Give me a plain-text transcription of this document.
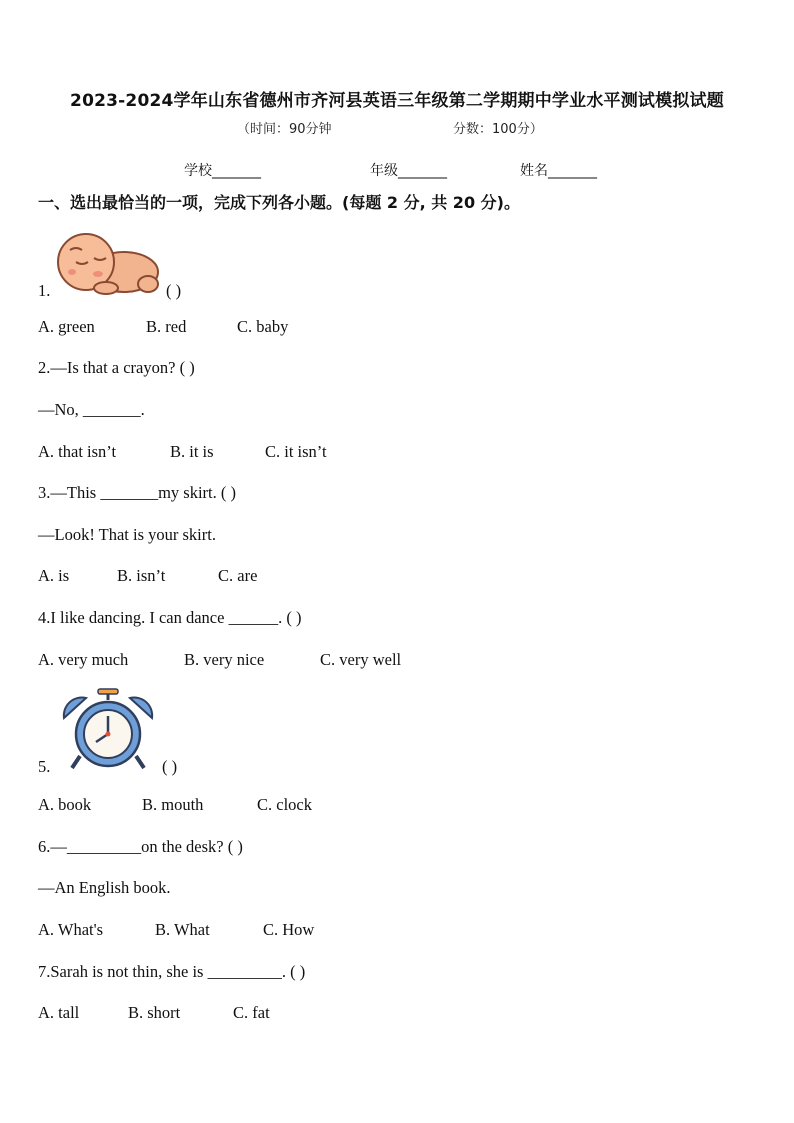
2023-2024学年山东省德州市齐河县英语三年级第二学期期中学业水平测试模拟试题
（时间：90分钟	分数：100分）
学校_______	年级_______	姓名_______
一、选出最恰当的一项，完成下列各小题。(每题 2 分, 共 20 分)。
1.	( )
A. green	B. red	C. baby
2.—Is that a crayon? ( )
—No, _______.
A. that isn’t	B. it is	C. it isn’t
3.—This _______my skirt. ( )
—Look! That is your skirt.
A. is	B. isn’t	C. are
4.I like dancing. I can dance ______. ( )
A. very much	B. very nice	C. very well
5.	( )
A. book	B. mouth	C. clock
6.—_________on the desk? ( )
—An English book.
A. What's	B. What	C. How
7.Sarah is not thin, she is _________. ( )
A. tall	B. short	C. fat
